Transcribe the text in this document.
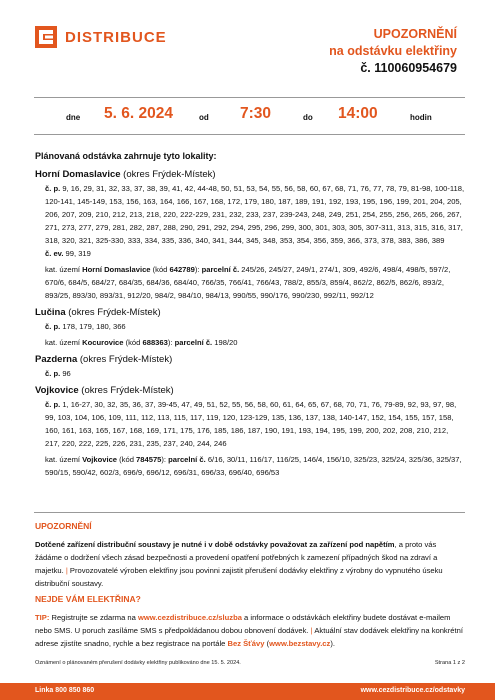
DISTRIBUCE	UPOZORNĚNÍ
na odstávku elektřiny
č. 110060954679
dne 5. 6. 2024	od 7:30	do 14:00	hodin
Plánovaná odstávka zahrnuje tyto lokality:
Horní Domaslavice (okres Frýdek-Místek)
č. p. 9, 16, 29, 31, 32, 33, 37, 38, 39, 41, 42, 44-48, 50, 51, 53, 54, 55, 56, 58, 60, 67, 68, 71, 76, 77, 78, 79, 81-98, 100-118, 120-141, 145-149, 153, 156, 163, 164, 166, 167, 168, 172, 179, 180, 187, 189, 191, 192, 193, 195, 196, 199, 201, 204, 205, 206, 207, 209, 210, 212, 213, 218, 220, 222-229, 231, 232, 233, 237, 239-243, 248, 249, 251, 254, 255, 256, 265, 266, 267, 271, 273, 277, 279, 281, 282, 287, 288, 290, 291, 292, 294, 295, 296, 299, 300, 301, 303, 305, 307-311, 313, 315, 316, 317, 318, 320, 321, 325-330, 333, 334, 335, 336, 340, 341, 344, 345, 348, 353, 354, 356, 359, 366, 373, 378, 383, 386, 389
č. ev. 99, 319
kat. území Horní Domaslavice (kód 642789): parcelní č. 245/26, 245/27, 249/1, 274/1, 309, 492/6, 498/4, 498/5, 597/2, 670/6, 684/5, 684/27, 684/35, 684/36, 684/40, 766/35, 766/41, 766/43, 788/2, 855/3, 859/4, 862/2, 862/5, 862/6, 893/2, 893/25, 893/30, 893/31, 912/20, 984/2, 984/10, 984/13, 990/55, 990/176, 990/230, 992/11, 992/12
Lučina (okres Frýdek-Místek)
č. p. 178, 179, 180, 366
kat. území Kocurovice (kód 688363): parcelní č. 198/20
Pazderna (okres Frýdek-Místek)
č. p. 96
Vojkovice (okres Frýdek-Místek)
č. p. 1, 16-27, 30, 32, 35, 36, 37, 39-45, 47, 49, 51, 52, 55, 56, 58, 60, 61, 64, 65, 67, 68, 70, 71, 76, 79-89, 92, 93, 97, 98, 99, 103, 104, 106, 109, 111, 112, 113, 115, 117, 119, 120, 123-129, 135, 136, 137, 138, 140-147, 152, 154, 155, 157, 158, 160, 161, 163, 165, 167, 168, 169, 171, 175, 176, 185, 186, 187, 190, 191, 193, 194, 195, 199, 200, 202, 208, 210, 212, 217, 220, 222, 225, 226, 231, 235, 237, 240, 244, 246
kat. území Vojkovice (kód 784575): parcelní č. 6/16, 30/11, 116/17, 116/25, 146/4, 156/10, 325/23, 325/24, 325/36, 325/37, 590/15, 590/42, 602/3, 696/9, 696/12, 696/31, 696/33, 696/40, 696/53
UPOZORNĚNÍ
Dotčené zařízení distribuční soustavy je nutné i v době odstávky považovat za zařízení pod napětím, a proto vás žádáme o dodržení všech zásad bezpečnosti a provedení opatření potřebných k zamezení případných škod na zdraví a majetku. | Provozovatelé výroben elektřiny jsou povinni zajistit přerušení dodávky elektřiny z výrobny do vypnutého úseku distribuční soustavy.
NEJDE VÁM ELEKTŘINA?
TIP: Registrujte se zdarma na www.cezdistribuce.cz/sluzba a informace o odstávkách elektřiny budete dostávat e-mailem nebo SMS. U poruch zasíláme SMS s předpokládanou dobou obnovení dodávek. | Aktuální stav dodávek elektřiny na konkrétní adrese zjistíte snadno, rychle a bez registrace na portále Bez Šťávy (www.bezstavy.cz).
Oznámení o plánovaném přerušení dodávky elektřiny publikováno dne 15. 5. 2024.	Strana 1 z 2
Linka 800 850 860	www.cezdistribuce.cz/odstavky
